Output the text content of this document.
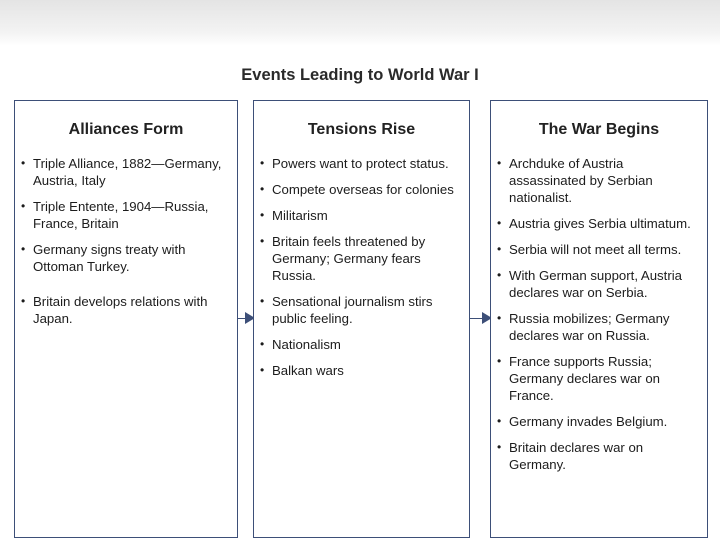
Events Leading to World War I
Alliances Form
• Triple Alliance, 1882—Germany, Austria, Italy
• Triple Entente, 1904—Russia, France, Britain
• Germany signs treaty with Ottoman Turkey.
• Britain develops relations with Japan.
Tensions Rise
• Powers want to protect status.
• Compete overseas for colonies
• Militarism
• Britain feels threatened by Germany; Germany fears Russia.
• Sensational journalism stirs public feeling.
• Nationalism
• Balkan wars
The War Begins
• Archduke of Austria assassinated by Serbian nationalist.
• Austria gives Serbia ultimatum.
• Serbia will not meet all terms.
• With German support, Austria declares war on Serbia.
• Russia mobilizes; Germany declares war on Russia.
• France supports Russia; Germany declares war on France.
• Germany invades Belgium.
• Britain declares war on Germany.
